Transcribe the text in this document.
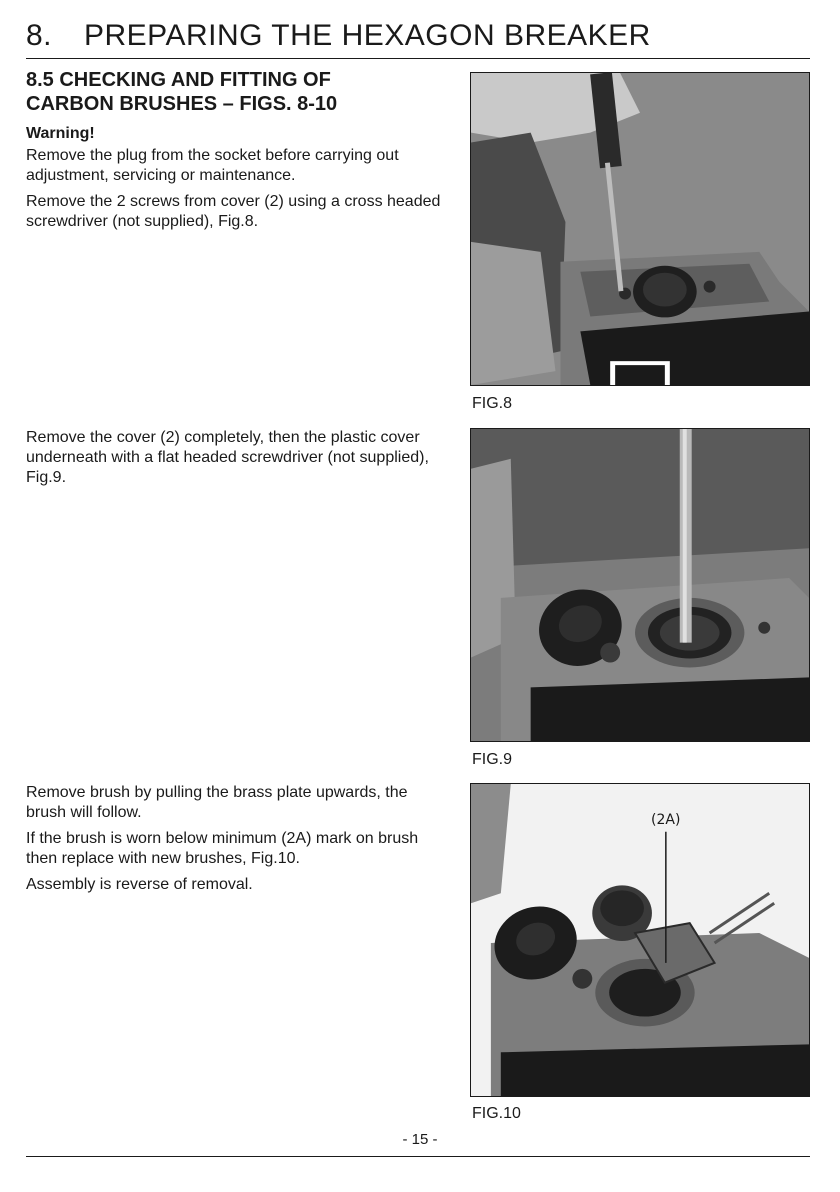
8. PREPARING THE HEXAGON BREAKER
8.5 CHECKING AND FITTING OF
CARBON BRUSHES – FIGS. 8-10
Warning!

Remove the plug from the socket before carrying out adjustment, servicing or maintenance.

Remove the 2 screws from cover (2) using a cross headed screwdriver (not supplied), Fig.8.

Remove the cover (2) completely, then the plastic cover underneath with a flat headed screwdriver (not supplied), Fig.9.

Remove brush by pulling the brass plate upwards, the brush will follow.

If the brush is worn below minimum (2A) mark on brush then replace with new brushes, Fig.10.

Assembly is reverse of removal.

FIG.8
FIG.9
(2A)
FIG.10
- 15 -
